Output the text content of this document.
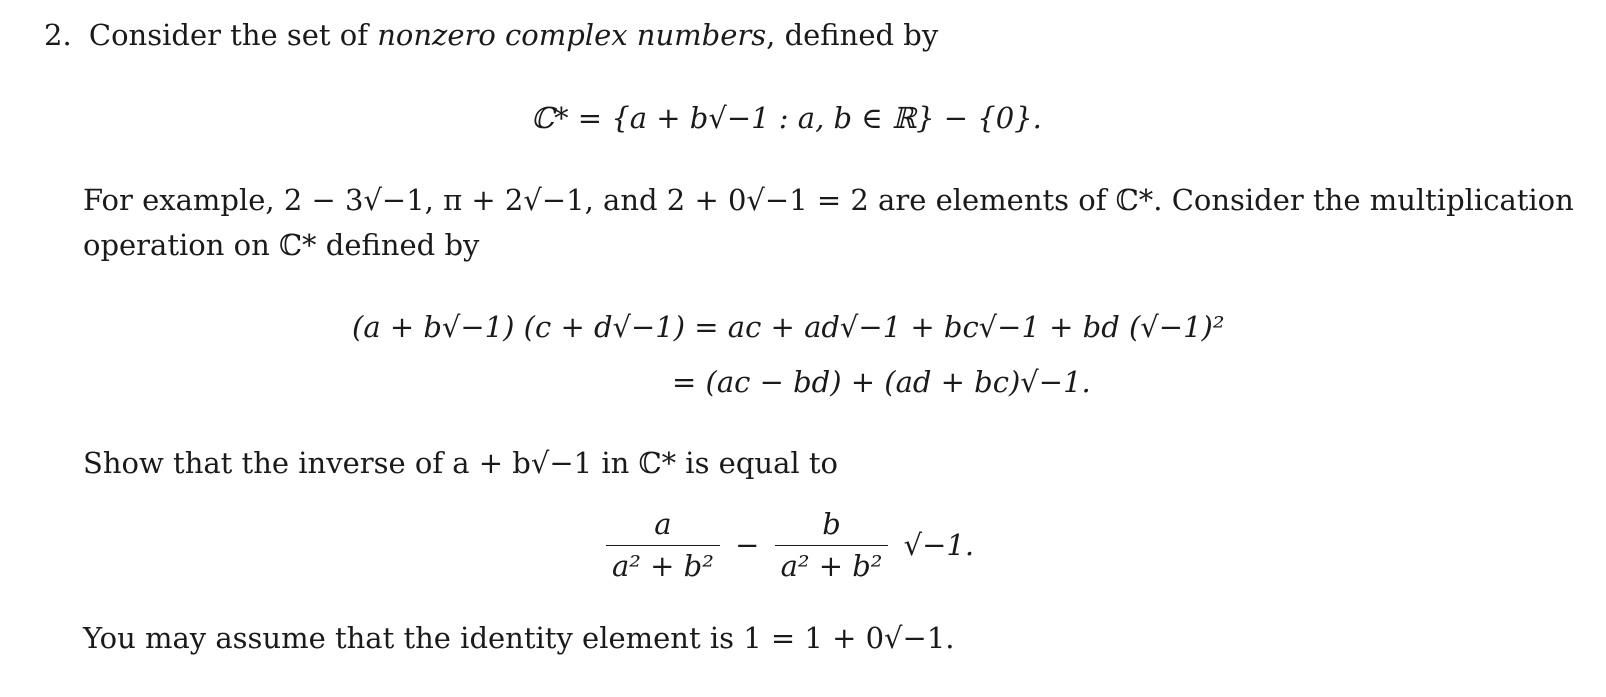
2. Consider the set of nonzero complex numbers, defined by
ℂ* = {a + b√−1 : a, b ∈ ℝ} − {0}.
For example, 2 − 3√−1, π + 2√−1, and 2 + 0√−1 = 2 are elements of ℂ*. Consider the multiplication
operation on ℂ* defined by
(a + b√−1) (c + d√−1) = ac + ad√−1 + bc√−1 + bd (√−1)²
= (ac − bd) + (ad + bc)√−1.
Show that the inverse of a + b√−1 in ℂ* is equal to
$\frac{a}{\text{a² + b²}} - \frac{b}{\text{a² + b²}} √-1$.
You may assume that the identity element is 1 = 1 + 0√−1.
